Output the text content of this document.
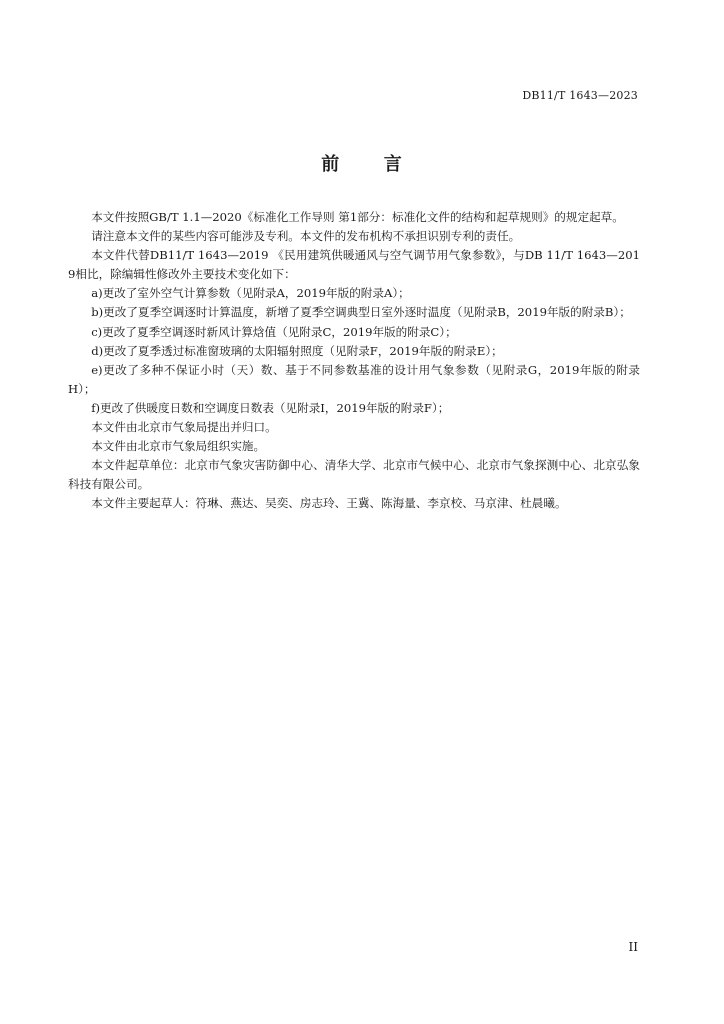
DB11/T 1643—2023
前      言

本文件按照GB/T 1.1—2020《标准化工作导则 第1部分：标准化文件的结构和起草规则》的规定起草。

请注意本文件的某些内容可能涉及专利。本文件的发布机构不承担识别专利的责任。

本文件代替DB11/T 1643—2019 《民用建筑供暖通风与空气调节用气象参数》，与DB 11/T 1643—2019相比，除编辑性修改外主要技术变化如下：

a)更改了室外空气计算参数（见附录A，2019年版的附录A）；

b)更改了夏季空调逐时计算温度，新增了夏季空调典型日室外逐时温度（见附录B，2019年版的附录B）；

c)更改了夏季空调逐时新风计算焓值（见附录C，2019年版的附录C）；

d)更改了夏季透过标准窗玻璃的太阳辐射照度（见附录F，2019年版的附录E）；

e)更改了多种不保证小时（天）数、基于不同参数基准的设计用气象参数（见附录G，2019年版的附录H）；

f)更改了供暖度日数和空调度日数表（见附录I，2019年版的附录F）；

本文件由北京市气象局提出并归口。

本文件由北京市气象局组织实施。

本文件起草单位：北京市气象灾害防御中心、清华大学、北京市气候中心、北京市气象探测中心、北京弘象科技有限公司。

本文件主要起草人：符琳、燕达、吴奕、房志玲、王冀、陈海量、李京校、马京津、杜晨曦。

II
